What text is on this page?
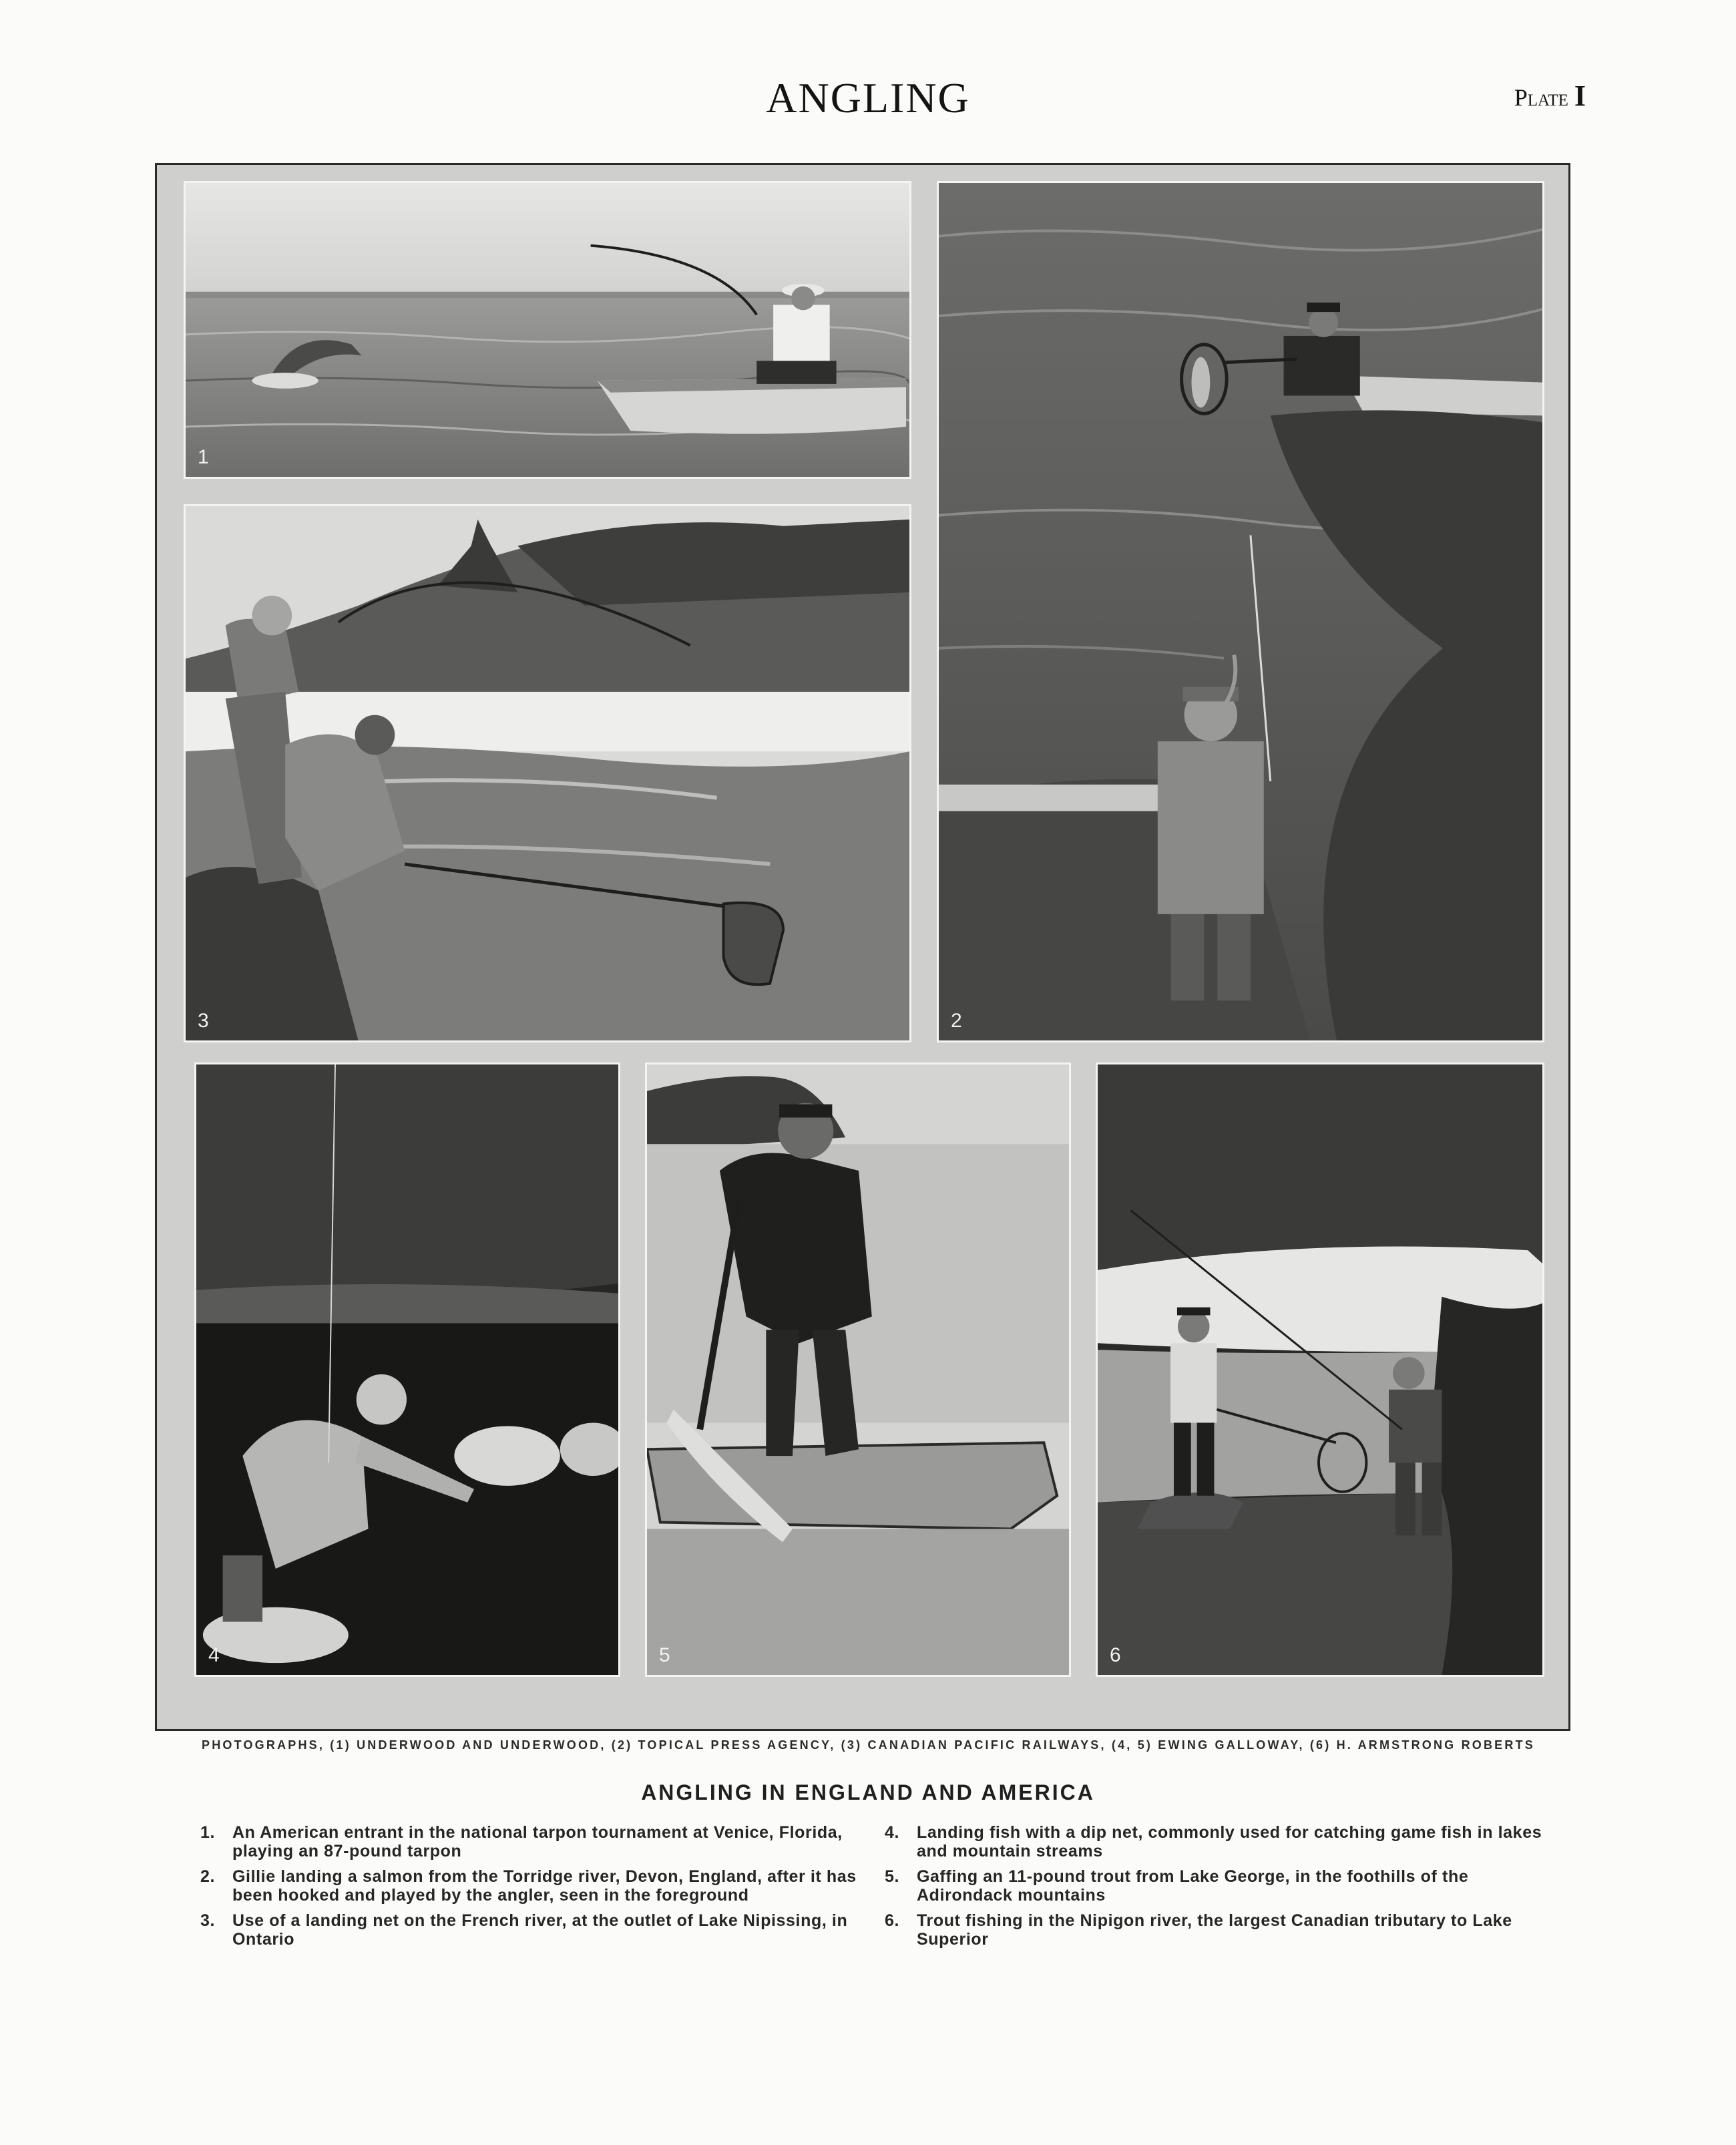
ANGLING	Plate I
1
2
3
4	5	6
PHOTOGRAPHS, (1) UNDERWOOD AND UNDERWOOD, (2) TOPICAL PRESS AGENCY, (3) CANADIAN PACIFIC RAILWAYS, (4, 5) EWING GALLOWAY, (6) H. ARMSTRONG ROBERTS
ANGLING IN ENGLAND AND AMERICA
1. An American entrant in the national tarpon tournament at Venice, Florida, playing an 87-pound tarpon
2. Gillie landing a salmon from the Torridge river, Devon, England, after it has been hooked and played by the angler, seen in the foreground
3. Use of a landing net on the French river, at the outlet of Lake Nipissing, in Ontario
4. Landing fish with a dip net, commonly used for catching game fish in lakes and mountain streams
5. Gaffing an 11-pound trout from Lake George, in the foothills of the Adirondack mountains
6. Trout fishing in the Nipigon river, the largest Canadian tributary to Lake Superior
